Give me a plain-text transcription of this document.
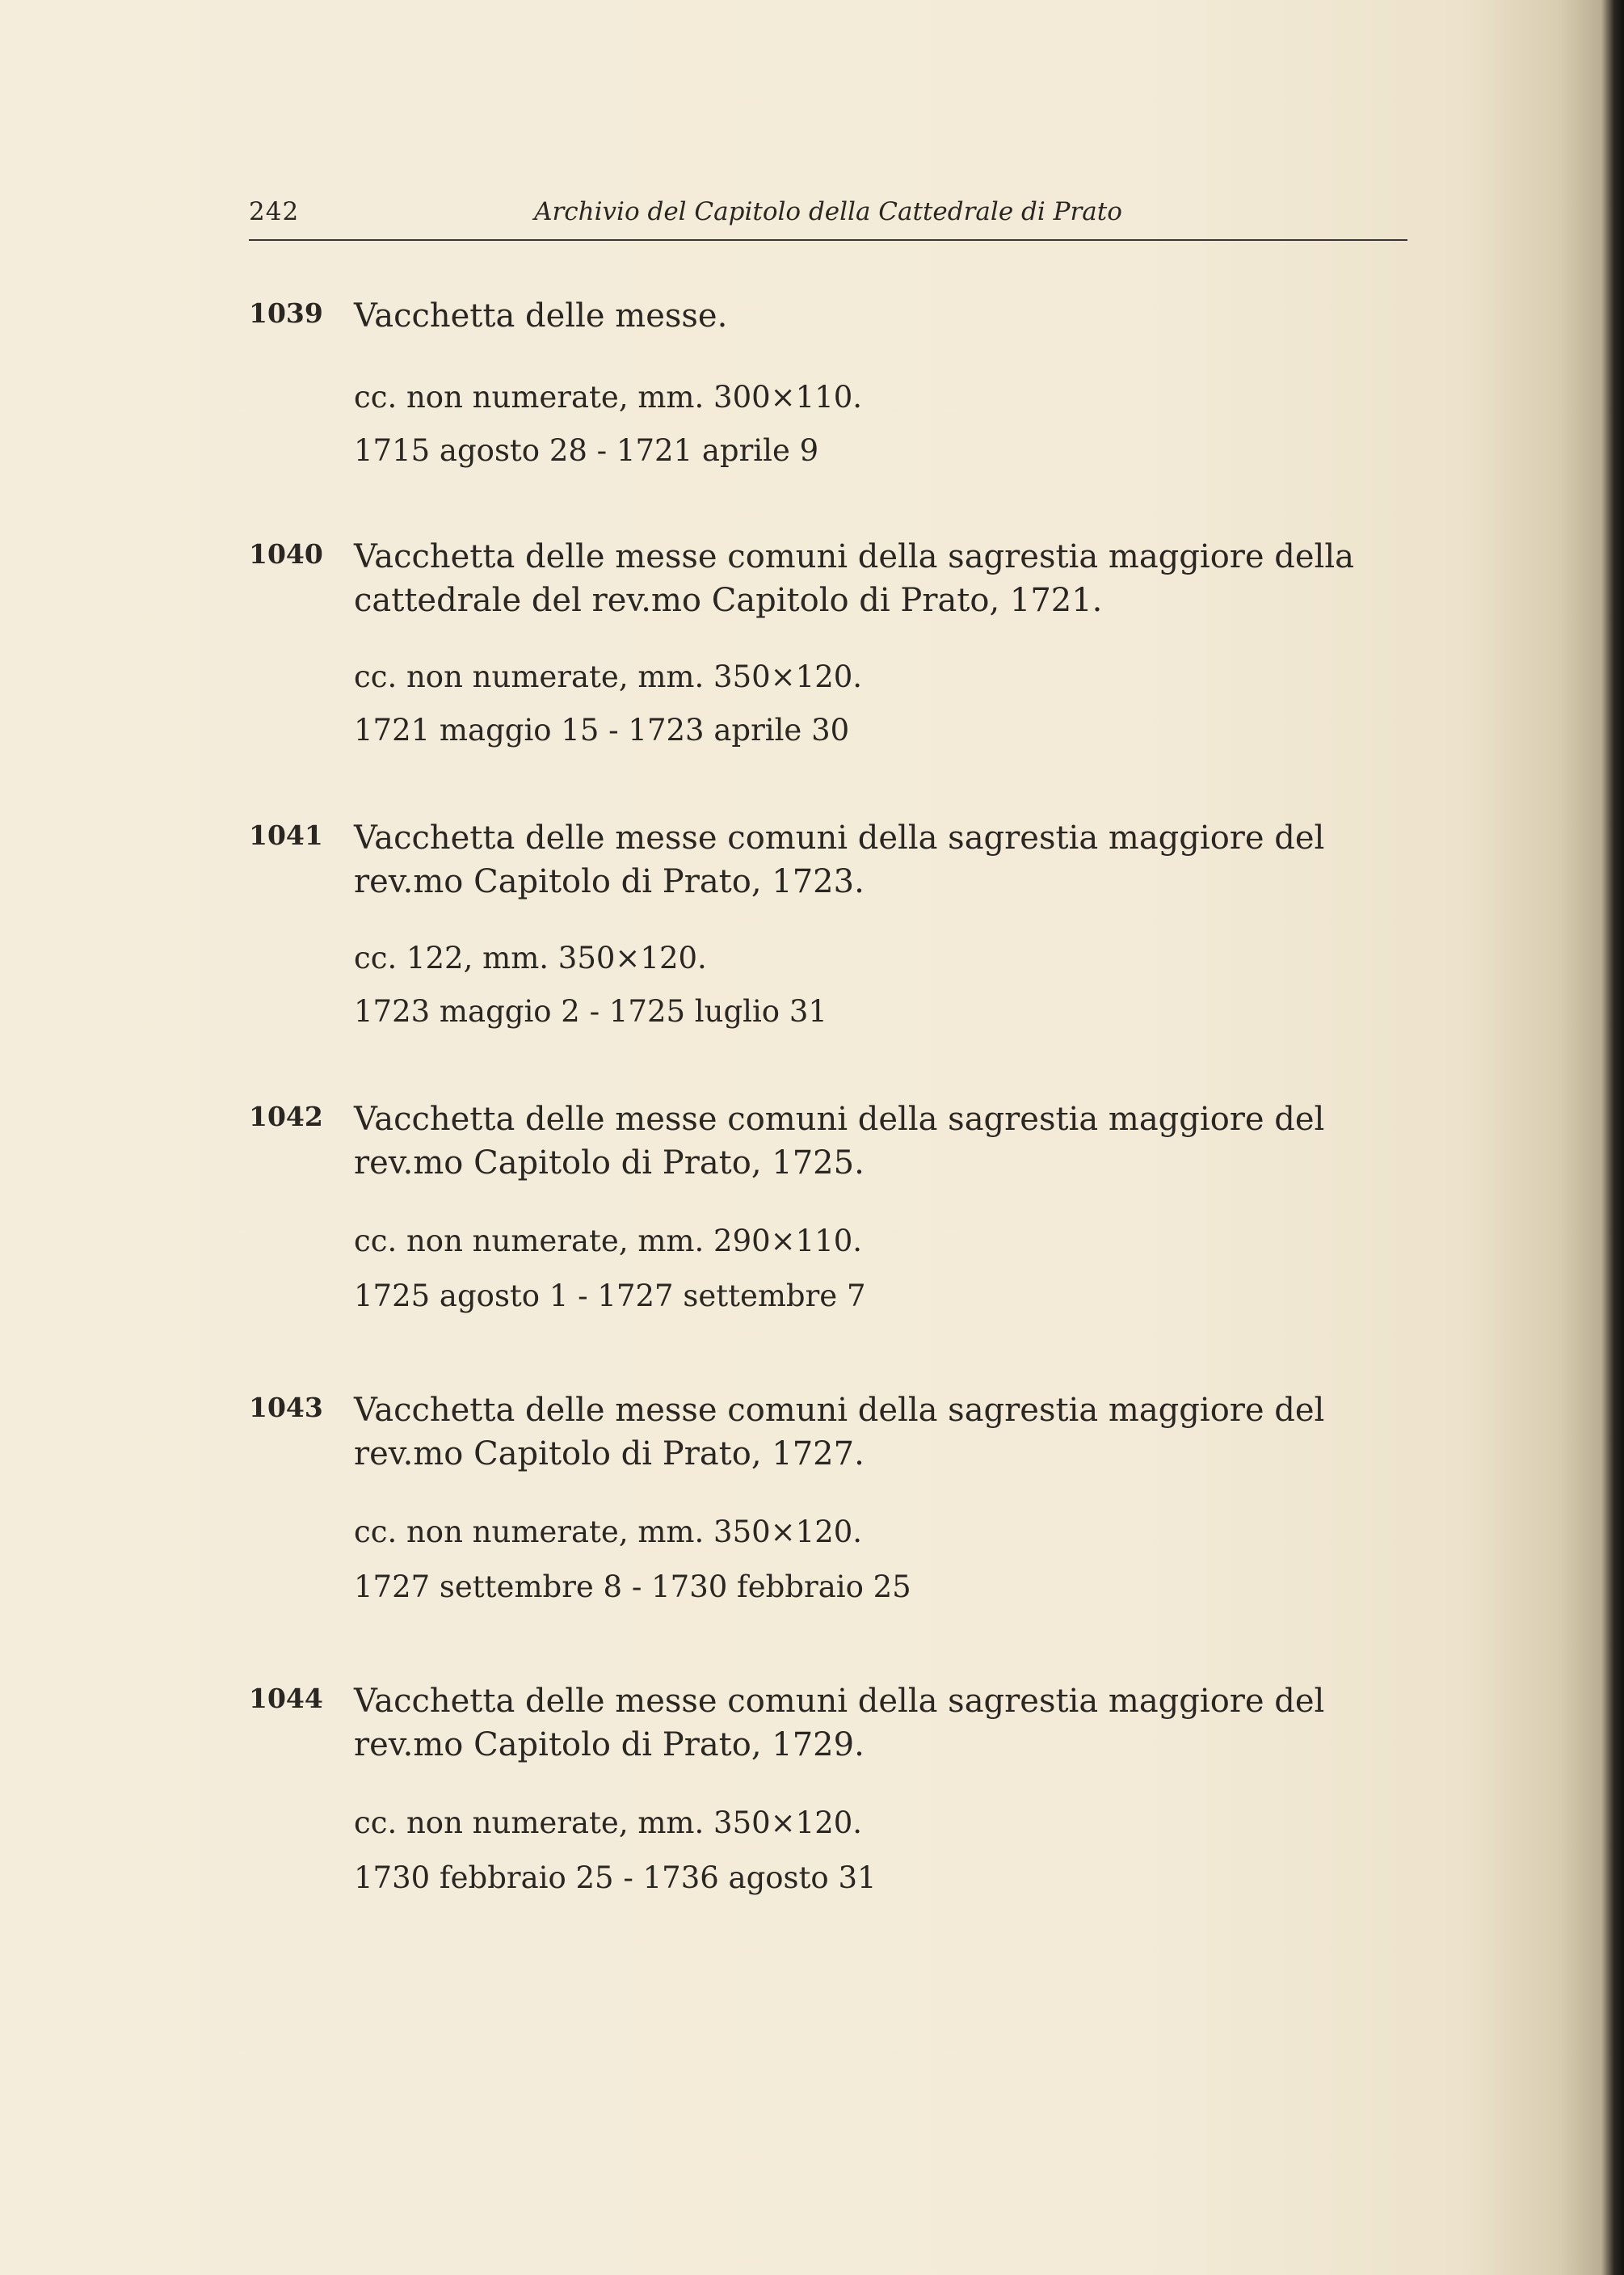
242	Archivio del Capitolo della Cattedrale di Prato
1039 Vacchetta delle messe.
cc. non numerate, mm. 300×110.
1715 agosto 28 - 1721 aprile 9
1040 Vacchetta delle messe comuni della sagrestia maggiore della cattedrale del rev.mo Capitolo di Prato, 1721.
cc. non numerate, mm. 350×120.
1721 maggio 15 - 1723 aprile 30
1041 Vacchetta delle messe comuni della sagrestia maggiore del rev.mo Capitolo di Prato, 1723.
cc. 122, mm. 350×120.
1723 maggio 2 - 1725 luglio 31
1042 Vacchetta delle messe comuni della sagrestia maggiore del rev.mo Capitolo di Prato, 1725.
cc. non numerate, mm. 290×110.
1725 agosto 1 - 1727 settembre 7
1043 Vacchetta delle messe comuni della sagrestia maggiore del rev.mo Capitolo di Prato, 1727.
cc. non numerate, mm. 350×120.
1727 settembre 8 - 1730 febbraio 25
1044 Vacchetta delle messe comuni della sagrestia maggiore del rev.mo Capitolo di Prato, 1729.
cc. non numerate, mm. 350×120.
1730 febbraio 25 - 1736 agosto 31
